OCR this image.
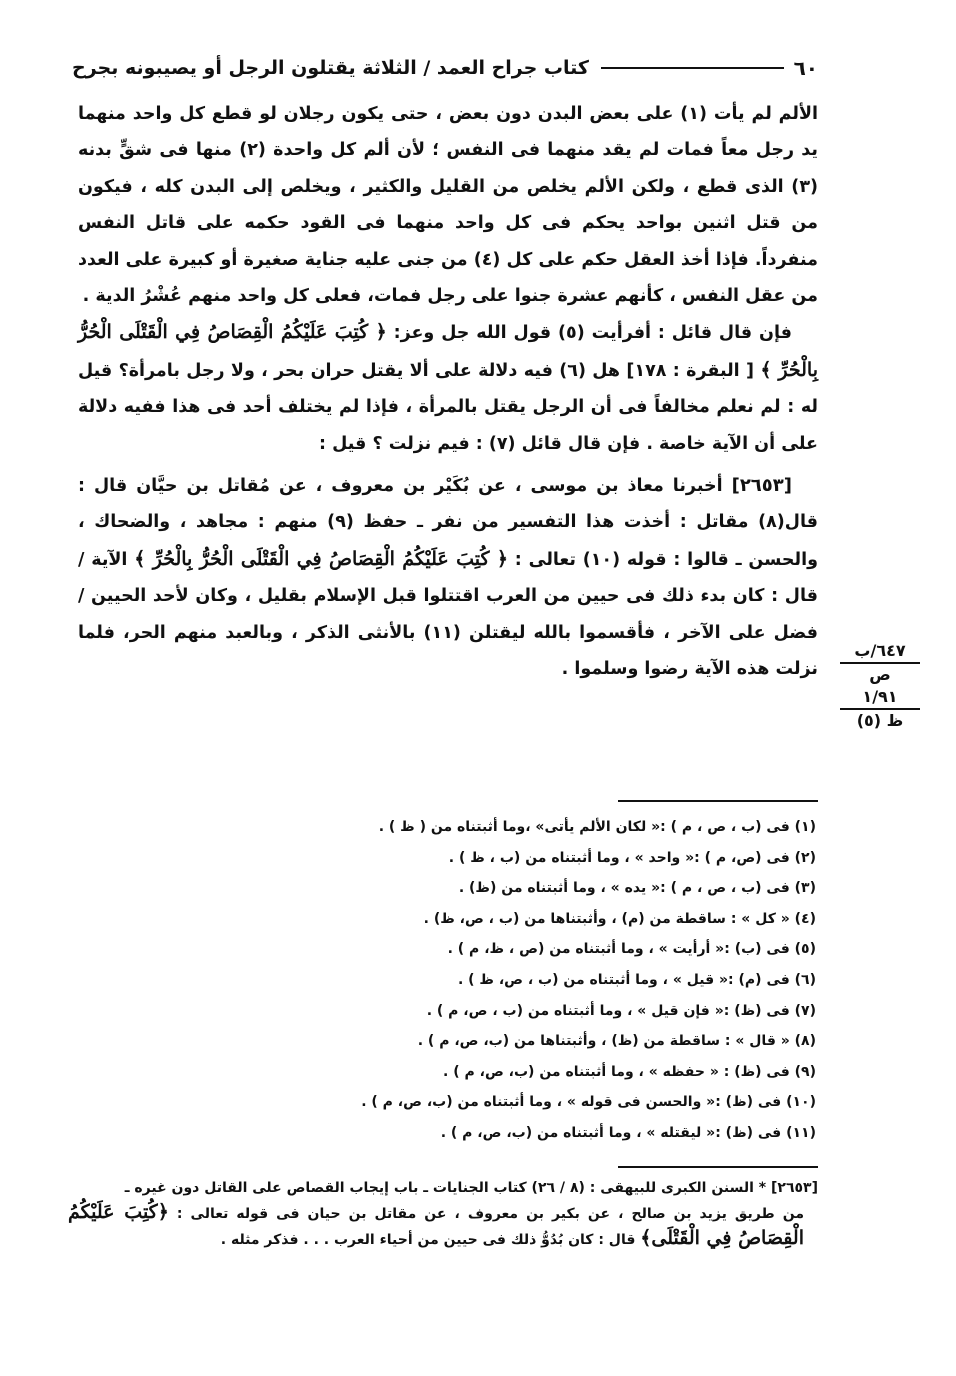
٦٠
كتاب جراح العمد / الثلاثة يقتلون الرجل أو يصيبونه بجرح

الألم لم يأت (١) على بعض البدن دون بعض ، حتى يكون رجلان لو قطع كل واحد منهما يد رجل معاً فمات لم يقد منهما فى النفس ؛ لأن ألم كل واحدة (٢) منها فى شقٍّ بدنه (٣) الذى قطع ، ولكن الألم يخلص من القليل والكثير ، ويخلص إلى البدن كله ، فيكون من قتل اثنين بواحد يحكم فى كل واحد منهما فى القود حكمه على قاتل النفس منفرداً. فإذا أخذ العقل حكم على كل (٤) من جنى عليه جناية صغيرة أو كبيرة على العدد من عقل النفس ، كأنهم عشرة جنوا على رجل فمات، فعلى كل واحد منهم عُشْرُ الدية .

فإن قال قائل : أفرأيت (٥) قول الله جل وعز: ﴿ كُتِبَ عَلَيْكُمُ الْقِصَاصُ فِي الْقَتْلَى الْحُرُّ بِالْحُرِّ ﴾ [ البقرة : ١٧٨] هل (٦) فيه دلالة على ألا يقتل حران بحر ، ولا رجل بامرأة؟ قيل له : لم نعلم مخالفاً فى أن الرجل يقتل بالمرأة ، فإذا لم يختلف أحد فى هذا ففيه دلالة على أن الآية خاصة . فإن قال قائل (٧) : فيم نزلت ؟ قيل :

[٢٦٥٣] أخبرنا معاذ بن موسى ، عن بُكَيْر بن معروف ، عن مُقاتل بن حيَّان قال : قال(٨) مقاتل : أخذت هذا التفسير من نفر ـ حفظ (٩) منهم : مجاهد ، والضحاك ، والحسن ـ قالوا : قوله (١٠) تعالى : ﴿ كُتِبَ عَلَيْكُمُ الْقِصَاصُ فِي الْقَتْلَى الْحُرُّ بِالْحُرِّ ﴾ الآية / قال : كان بدء ذلك فى حيين من العرب اقتتلوا قبل الإسلام بقليل ، وكان لأحد الحيين / فضل على الآخر ، فأقسموا بالله ليقتلن (١١) بالأنثى الذكر ، وبالعبد منهم الحر، فلما نزلت هذه الآية رضوا وسلموا .

٦٤٧/ب
ص
١/٩١
ظ (٥)
(١) فى (ب ، ص ، م ) :« لكان الألم يأتى» ،وما أثبتناه من ( ظ ) .
(٢) فى (ص، م ) :« واحد » ، وما أثبتناه من (ب ، ظ ) .
(٣) فى (ب ، ص ، م ) :« يده » ، وما أثبتناه من (ظ) .
(٤) « كل » : ساقطة من (م) ، وأثبتناها من (ب ، ص، ظ) .
(٥) فى (ب) :« أرأيت » ، وما أثبتناه من (ص ، ظ، م ) .
(٦) فى (م) :« قيل » ، وما أثبتناه من (ب ، ص، ظ ) .
(٧) فى (ظ) :« فإن قيل » ، وما أثبتناه من (ب ، ص، م ) .
(٨) « قال » : ساقطة من (ظ) ، وأثبتناها من (ب، ص، م ) .
(٩) فى (ظ) : « حفظه » ، وما أثبتناه من (ب، ص، م ) .
(١٠) فى (ظ) :« والحسن فى قوله » ، وما أثبتناه من (ب، ص، م ) .
(١١) فى (ظ) :« ليقتله » ، وما أثبتناه من (ب، ص، م ) .

[٢٦٥٣] * السنن الكبرى للبيهقى : (٨ / ٢٦) كتاب الجنايات ـ باب إيجاب القصاص على القاتل دون غيره ـ

من طريق يزيد بن صالح ، عن بكير بن معروف ، عن مقاتل بن حيان فى قوله تعالى : ﴿كُتِبَ عَلَيْكُمُ الْقِصَاصُ فِي الْقَتْلَى﴾ قال : كان بُدُوُّ ذلك فى حيين من أحياء العرب . . . فذكر مثله .
